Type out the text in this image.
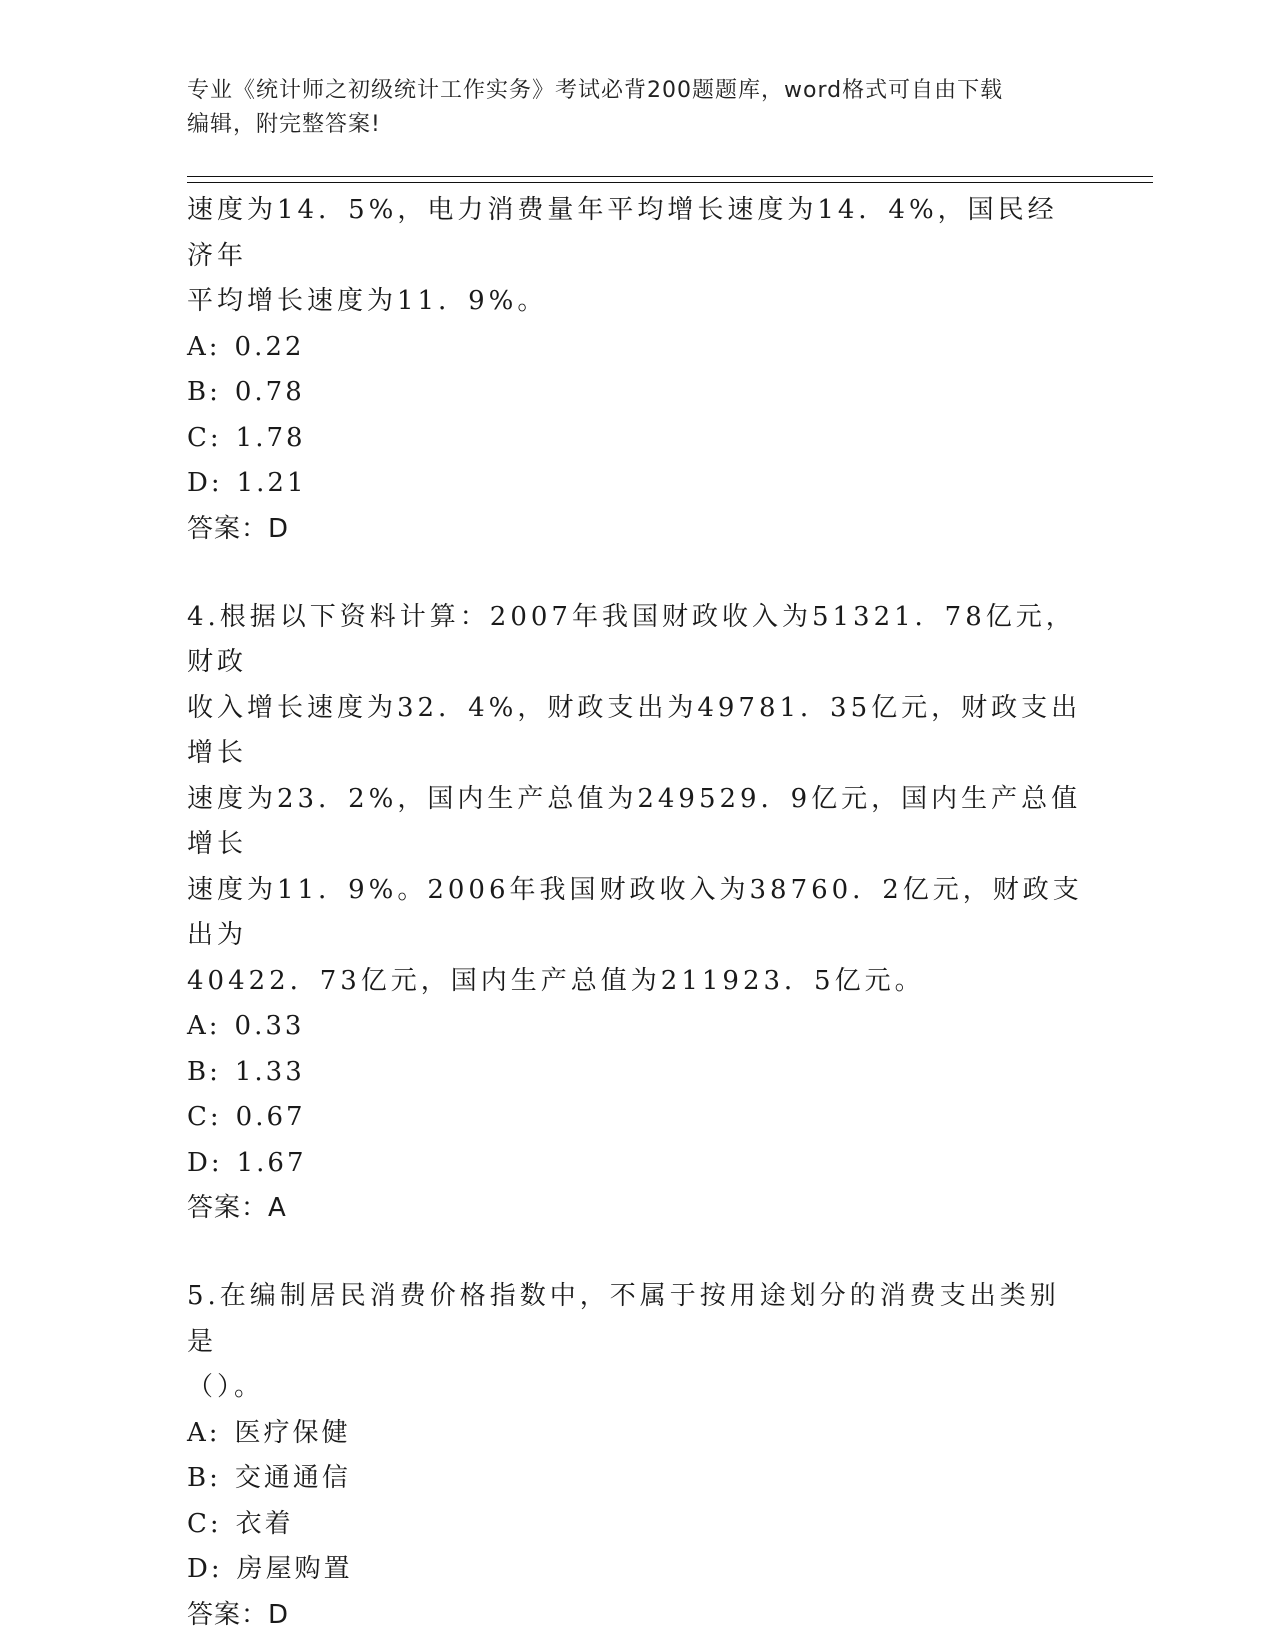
专业《统计师之初级统计工作实务》考试必背200题题库，word格式可自由下载
编辑，附完整答案!

速度为14．5%，电力消费量年平均增长速度为14．4%，国民经济年

平均增长速度为11．9%。

A: 0.22

B: 0.78

C: 1.78

D: 1.21

答案：D

4.根据以下资料计算：2007年我国财政收入为51321．78亿元，财政

收入增长速度为32．4%，财政支出为49781．35亿元，财政支出增长

速度为23．2%，国内生产总值为249529．9亿元，国内生产总值增长

速度为11．9%。2006年我国财政收入为38760．2亿元，财政支出为

40422．73亿元，国内生产总值为211923．5亿元。

A: 0.33

B: 1.33

C: 0.67

D: 1.67

答案：A

5.在编制居民消费价格指数中，不属于按用途划分的消费支出类别是

（）。

A: 医疗保健

B: 交通通信

C: 衣着

D: 房屋购置

答案：D
